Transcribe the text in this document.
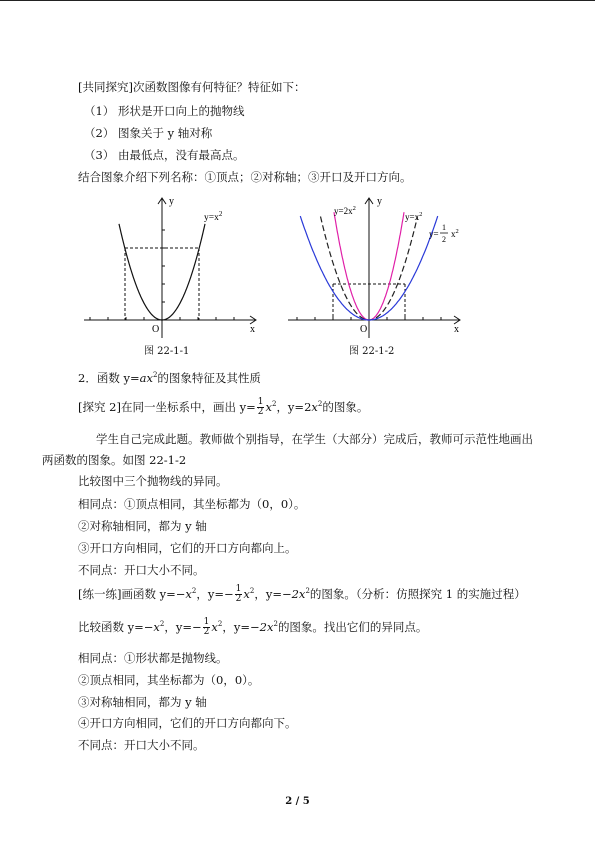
[共同探究]次函数图像有何特征？特征如下：
（1） 形状是开口向上的抛物线
（2） 图象关于 y 轴对称
（3） 由最低点，没有最高点。
结合图象介绍下列名称：①顶点；②对称轴；③开口及开口方向。
y
x
O
$y=x^2$
图 22-1-1
y
x
O
$y=2x^2$
$y=x^2$
y=
1
2
$x^2$
图 22-1-2
2．函数 $y=ax^2$的图象特征及其性质
[探究 2]在同一坐标系中，画出 $y= \frac{1}{2} x^2$，$y=2x^2$的图象。
学生自己完成此题。教师做个别指导，在学生（大部分）完成后，教师可示范性地画出
两函数的图象。如图 22-1-2
比较图中三个抛物线的异同。
相同点：①顶点相同，其坐标都为（0，0）。
②对称轴相同，都为 y 轴
③开口方向相同，它们的开口方向都向上。
不同点：开口大小不同。
[练一练]画函数 $y=-x^2$，$y=- \frac{1}{2} x^2$，$y=-2x^2$的图象。（分析：仿照探究 1 的实施过程）
比较函数 $y=-x^2$，$y=- \frac{1}{2} x^2$，$y=-2x^2$的图象。找出它们的异同点。
相同点：①形状都是抛物线。
②顶点相同，其坐标都为（0，0）。
③对称轴相同，都为 y 轴
④开口方向相同，它们的开口方向都向下。
不同点：开口大小不同。
2 / 5
